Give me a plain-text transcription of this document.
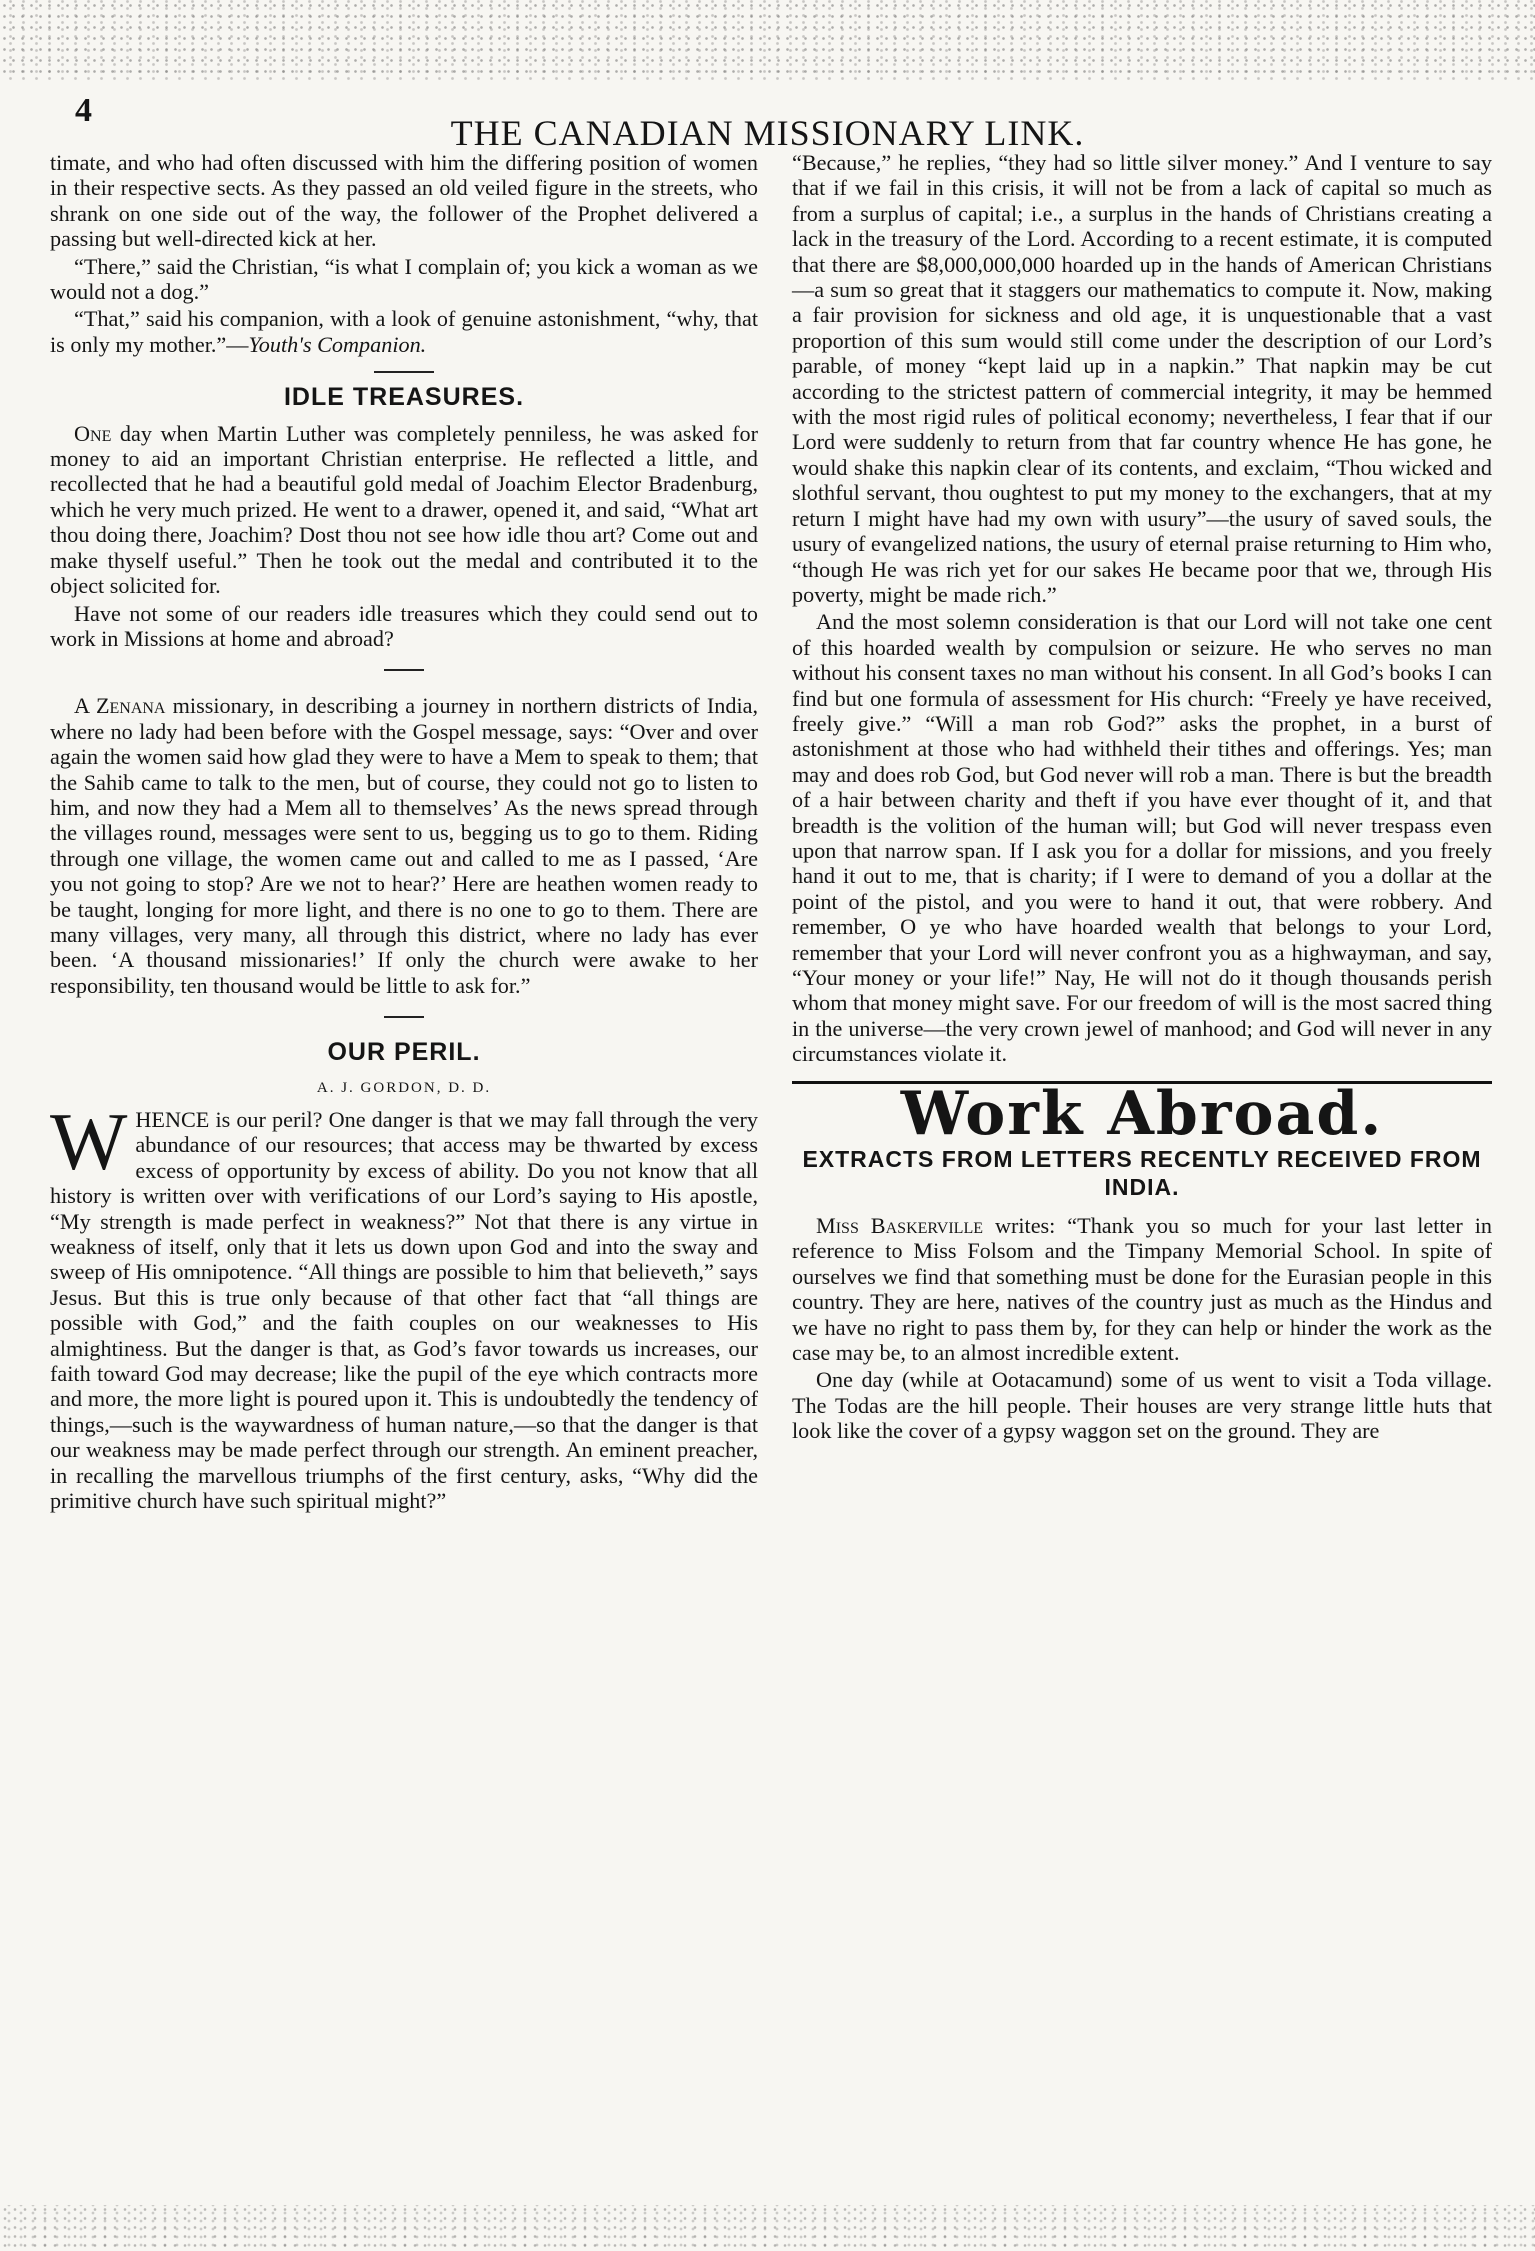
4
THE CANADIAN MISSIONARY LINK.

timate, and who had often discussed with him the differing position of women in their respective sects. As they passed an old veiled figure in the streets, who shrank on one side out of the way, the follower of the Prophet delivered a passing but well-directed kick at her.

“There,” said the Christian, “is what I complain of; you kick a woman as we would not a dog.”

“That,” said his companion, with a look of genuine astonishment, “why, that is only my mother.”—Youth's Companion.

IDLE TREASURES.

One day when Martin Luther was completely penniless, he was asked for money to aid an important Christian enterprise. He reflected a little, and recollected that he had a beautiful gold medal of Joachim Elector Bradenburg, which he very much prized. He went to a drawer, opened it, and said, “What art thou doing there, Joachim? Dost thou not see how idle thou art? Come out and make thyself useful.” Then he took out the medal and contributed it to the object solicited for.

Have not some of our readers idle treasures which they could send out to work in Missions at home and abroad?

A Zenana missionary, in describing a journey in northern districts of India, where no lady had been before with the Gospel message, says: “Over and over again the women said how glad they were to have a Mem to speak to them; that the Sahib came to talk to the men, but of course, they could not go to listen to him, and now they had a Mem all to themselves’ As the news spread through the villages round, messages were sent to us, begging us to go to them. Riding through one village, the women came out and called to me as I passed, ‘Are you not going to stop? Are we not to hear?’ Here are heathen women ready to be taught, longing for more light, and there is no one to go to them. There are many villages, very many, all through this district, where no lady has ever been. ‘A thousand missionaries!’ If only the church were awake to her responsibility, ten thousand would be little to ask for.”

OUR PERIL.
A. J. GORDON, D. D.

WHENCE is our peril? One danger is that we may fall through the very abundance of our resources; that access may be thwarted by excess excess of opportunity by excess of ability. Do you not know that all history is written over with verifications of our Lord’s saying to His apostle, “My strength is made perfect in weakness?” Not that there is any virtue in weakness of itself, only that it lets us down upon God and into the sway and sweep of His omnipotence. “All things are possible to him that believeth,” says Jesus. But this is true only because of that other fact that “all things are possible with God,” and the faith couples on our weaknesses to His almightiness. But the danger is that, as God’s favor towards us increases, our faith toward God may decrease; like the pupil of the eye which contracts more and more, the more light is poured upon it. This is undoubtedly the tendency of things,—such is the waywardness of human nature,—so that the danger is that our weakness may be made perfect through our strength. An eminent preacher, in recalling the marvellous triumphs of the first century, asks, “Why did the primitive church have such spiritual might?”

“Because,” he replies, “they had so little silver money.” And I venture to say that if we fail in this crisis, it will not be from a lack of capital so much as from a surplus of capital; i.e., a surplus in the hands of Christians creating a lack in the treasury of the Lord. According to a recent estimate, it is computed that there are $8,000,000,000 hoarded up in the hands of American Christians—a sum so great that it staggers our mathematics to compute it. Now, making a fair provision for sickness and old age, it is unquestionable that a vast proportion of this sum would still come under the description of our Lord’s parable, of money “kept laid up in a napkin.” That napkin may be cut according to the strictest pattern of commercial integrity, it may be hemmed with the most rigid rules of political economy; nevertheless, I fear that if our Lord were suddenly to return from that far country whence He has gone, he would shake this napkin clear of its contents, and exclaim, “Thou wicked and slothful servant, thou oughtest to put my money to the exchangers, that at my return I might have had my own with usury”—the usury of saved souls, the usury of evangelized nations, the usury of eternal praise returning to Him who, “though He was rich yet for our sakes He became poor that we, through His poverty, might be made rich.”

And the most solemn consideration is that our Lord will not take one cent of this hoarded wealth by compulsion or seizure. He who serves no man without his consent taxes no man without his consent. In all God’s books I can find but one formula of assessment for His church: “Freely ye have received, freely give.” “Will a man rob God?” asks the prophet, in a burst of astonishment at those who had withheld their tithes and offerings. Yes; man may and does rob God, but God never will rob a man. There is but the breadth of a hair between charity and theft if you have ever thought of it, and that breadth is the volition of the human will; but God will never trespass even upon that narrow span. If I ask you for a dollar for missions, and you freely hand it out to me, that is charity; if I were to demand of you a dollar at the point of the pistol, and you were to hand it out, that were robbery. And remember, O ye who have hoarded wealth that belongs to your Lord, remember that your Lord will never confront you as a highwayman, and say, “Your money or your life!” Nay, He will not do it though thousands perish whom that money might save. For our freedom of will is the most sacred thing in the universe—the very crown jewel of manhood; and God will never in any circumstances violate it.

Work Abroad.
EXTRACTS FROM LETTERS RECENTLY RECEIVED FROM INDIA.

Miss Baskerville writes: “Thank you so much for your last letter in reference to Miss Folsom and the Timpany Memorial School. In spite of ourselves we find that something must be done for the Eurasian people in this country. They are here, natives of the country just as much as the Hindus and we have no right to pass them by, for they can help or hinder the work as the case may be, to an almost incredible extent.

One day (while at Ootacamund) some of us went to visit a Toda village. The Todas are the hill people. Their houses are very strange little huts that look like the cover of a gypsy waggon set on the ground. They are
